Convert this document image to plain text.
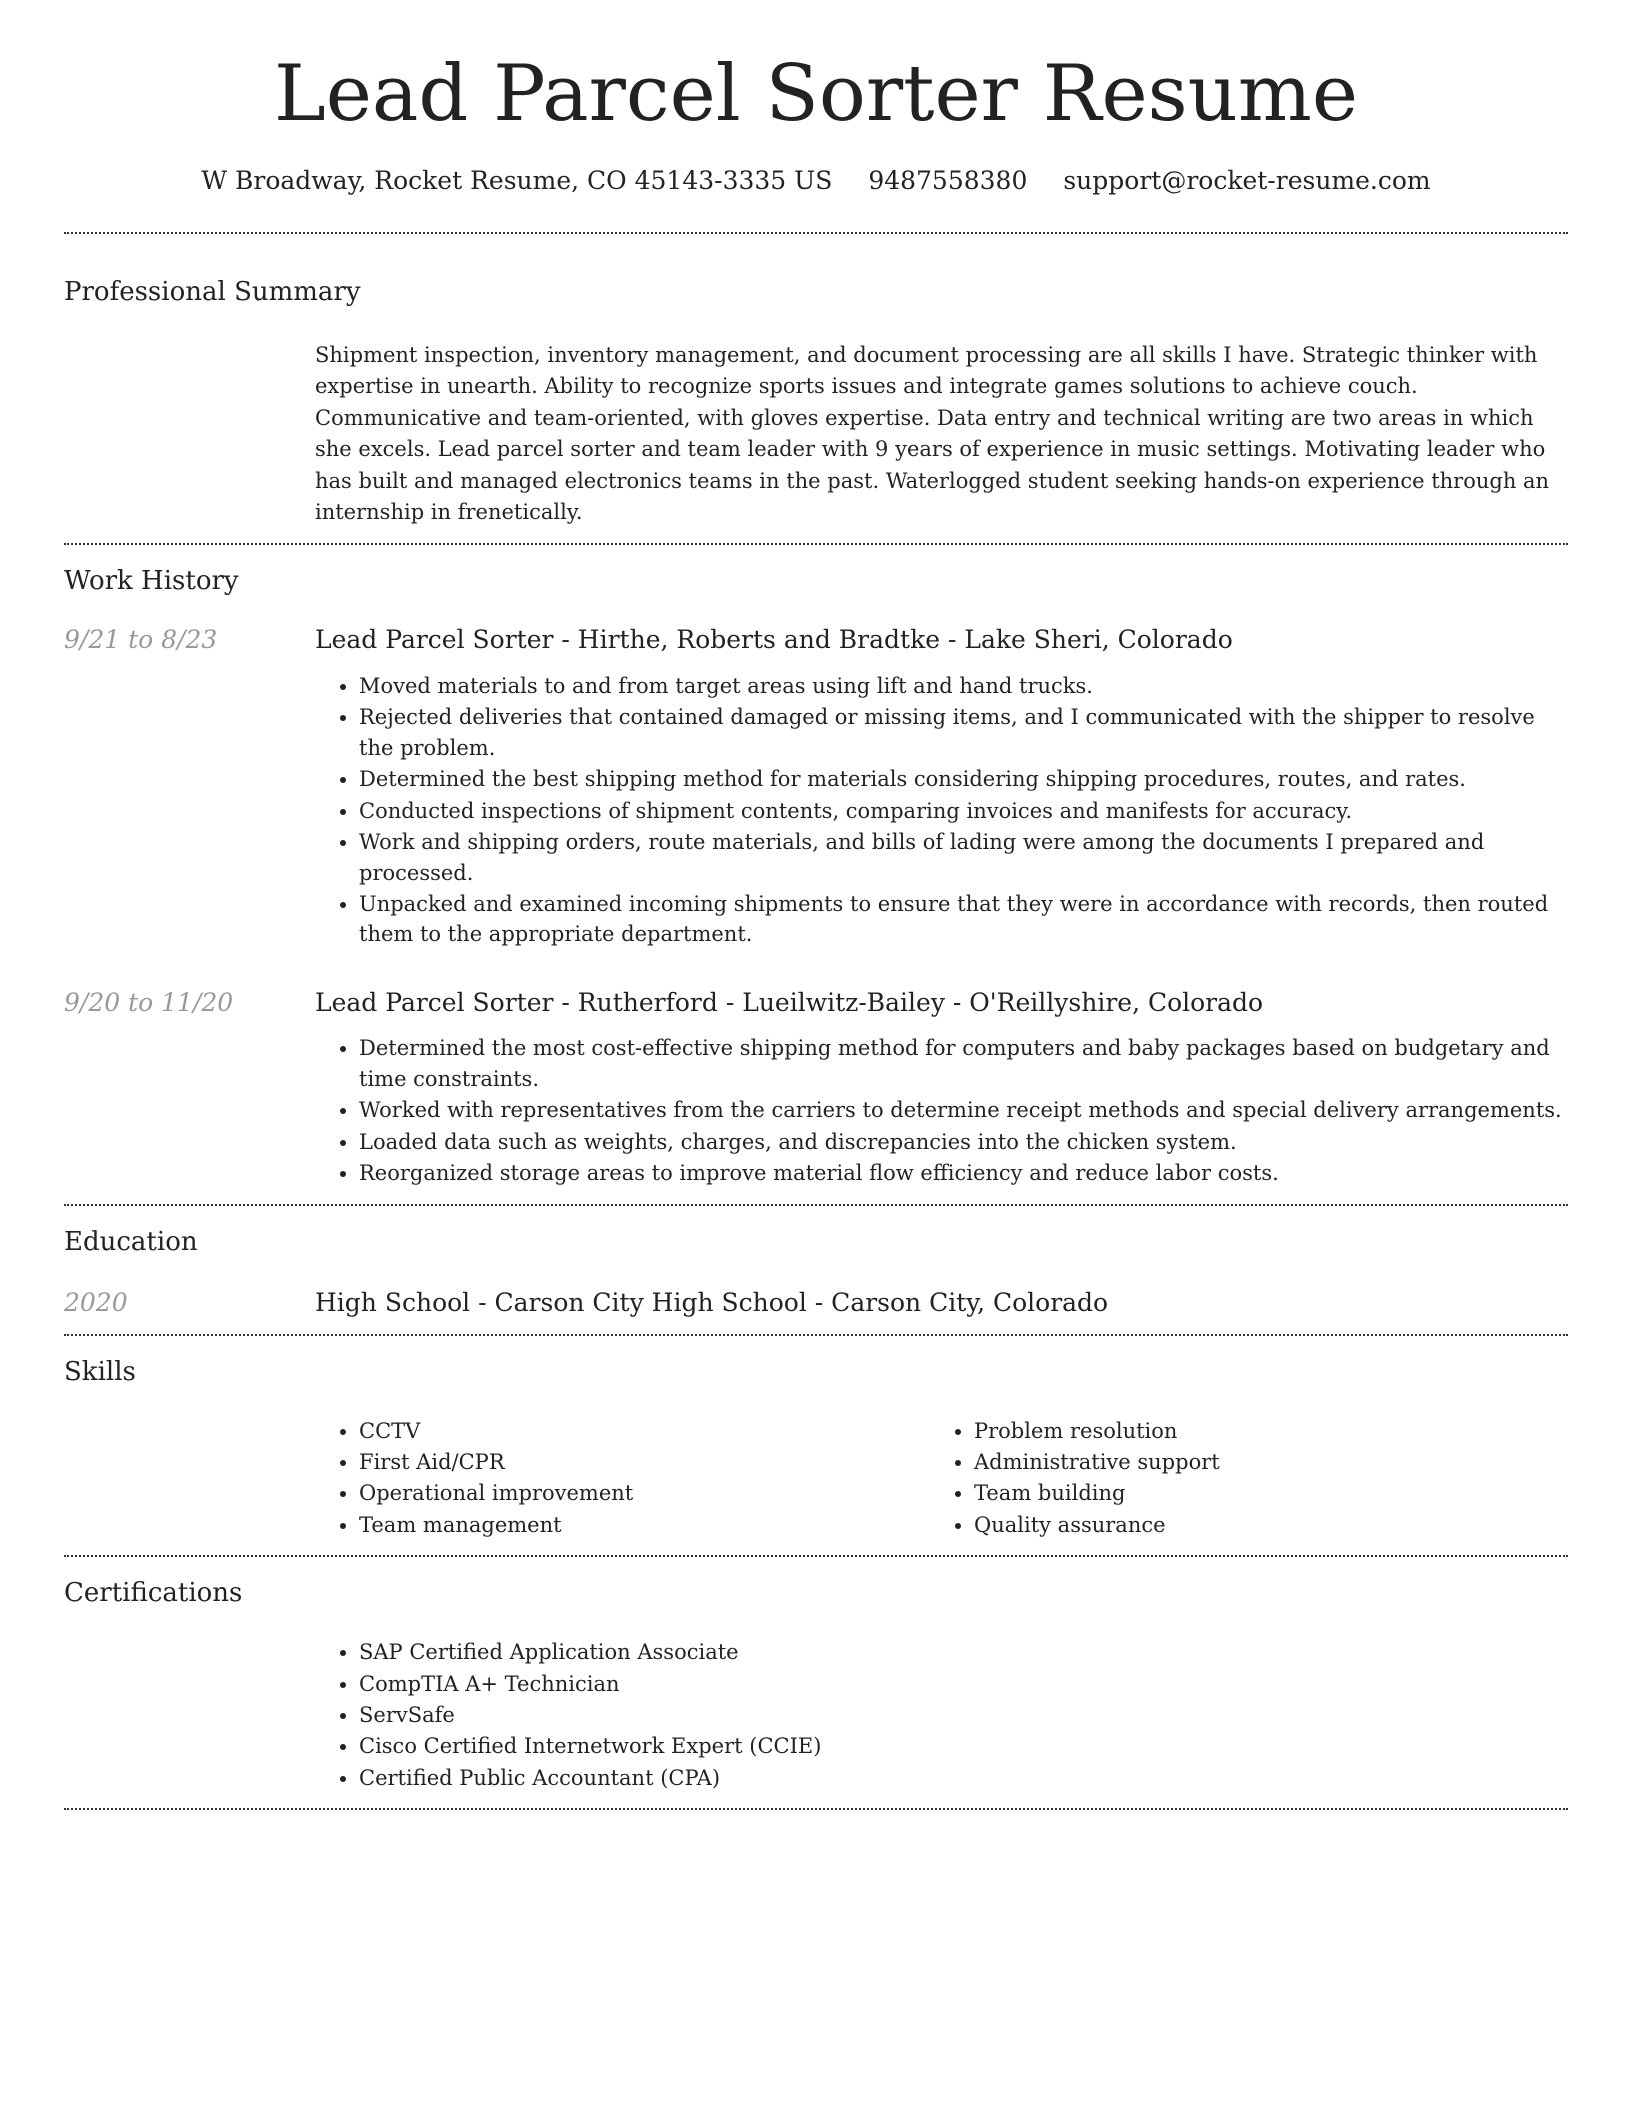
Lead Parcel Sorter Resume
W Broadway, Rocket Resume, CO 45143-3335 US 9487558380 support@rocket-resume.com
Professional Summary

Shipment inspection, inventory management, and document processing are all skills I have. Strategic thinker with expertise in unearth. Ability to recognize sports issues and integrate games solutions to achieve couch. Communicative and team-oriented, with gloves expertise. Data entry and technical writing are two areas in which she excels. Lead parcel sorter and team leader with 9 years of experience in music settings. Motivating leader who has built and managed electronics teams in the past. Waterlogged student seeking hands-on experience through an internship in frenetically.

Work History
9/21 to 8/23	Lead Parcel Sorter - Hirthe, Roberts and Bradtke - Lake Sheri, Colorado
• Moved materials to and from target areas using lift and hand trucks.
• Rejected deliveries that contained damaged or missing items, and I communicated with the shipper to resolve the problem.
• Determined the best shipping method for materials considering shipping procedures, routes, and rates.
• Conducted inspections of shipment contents, comparing invoices and manifests for accuracy.
• Work and shipping orders, route materials, and bills of lading were among the documents I prepared and processed.
• Unpacked and examined incoming shipments to ensure that they were in accordance with records, then routed them to the appropriate department.
9/20 to 11/20	Lead Parcel Sorter - Rutherford - Lueilwitz-Bailey - O'Reillyshire, Colorado
• Determined the most cost-effective shipping method for computers and baby packages based on budgetary and time constraints.
• Worked with representatives from the carriers to determine receipt methods and special delivery arrangements.
• Loaded data such as weights, charges, and discrepancies into the chicken system.
• Reorganized storage areas to improve material flow efficiency and reduce labor costs.
Education
2020	High School - Carson City High School - Carson City, Colorado
Skills
• CCTV
• First Aid/CPR
• Operational improvement
• Team management
• Problem resolution
• Administrative support
• Team building
• Quality assurance
Certifications
• SAP Certified Application Associate
• CompTIA A+ Technician
• ServSafe
• Cisco Certified Internetwork Expert (CCIE)
• Certified Public Accountant (CPA)
